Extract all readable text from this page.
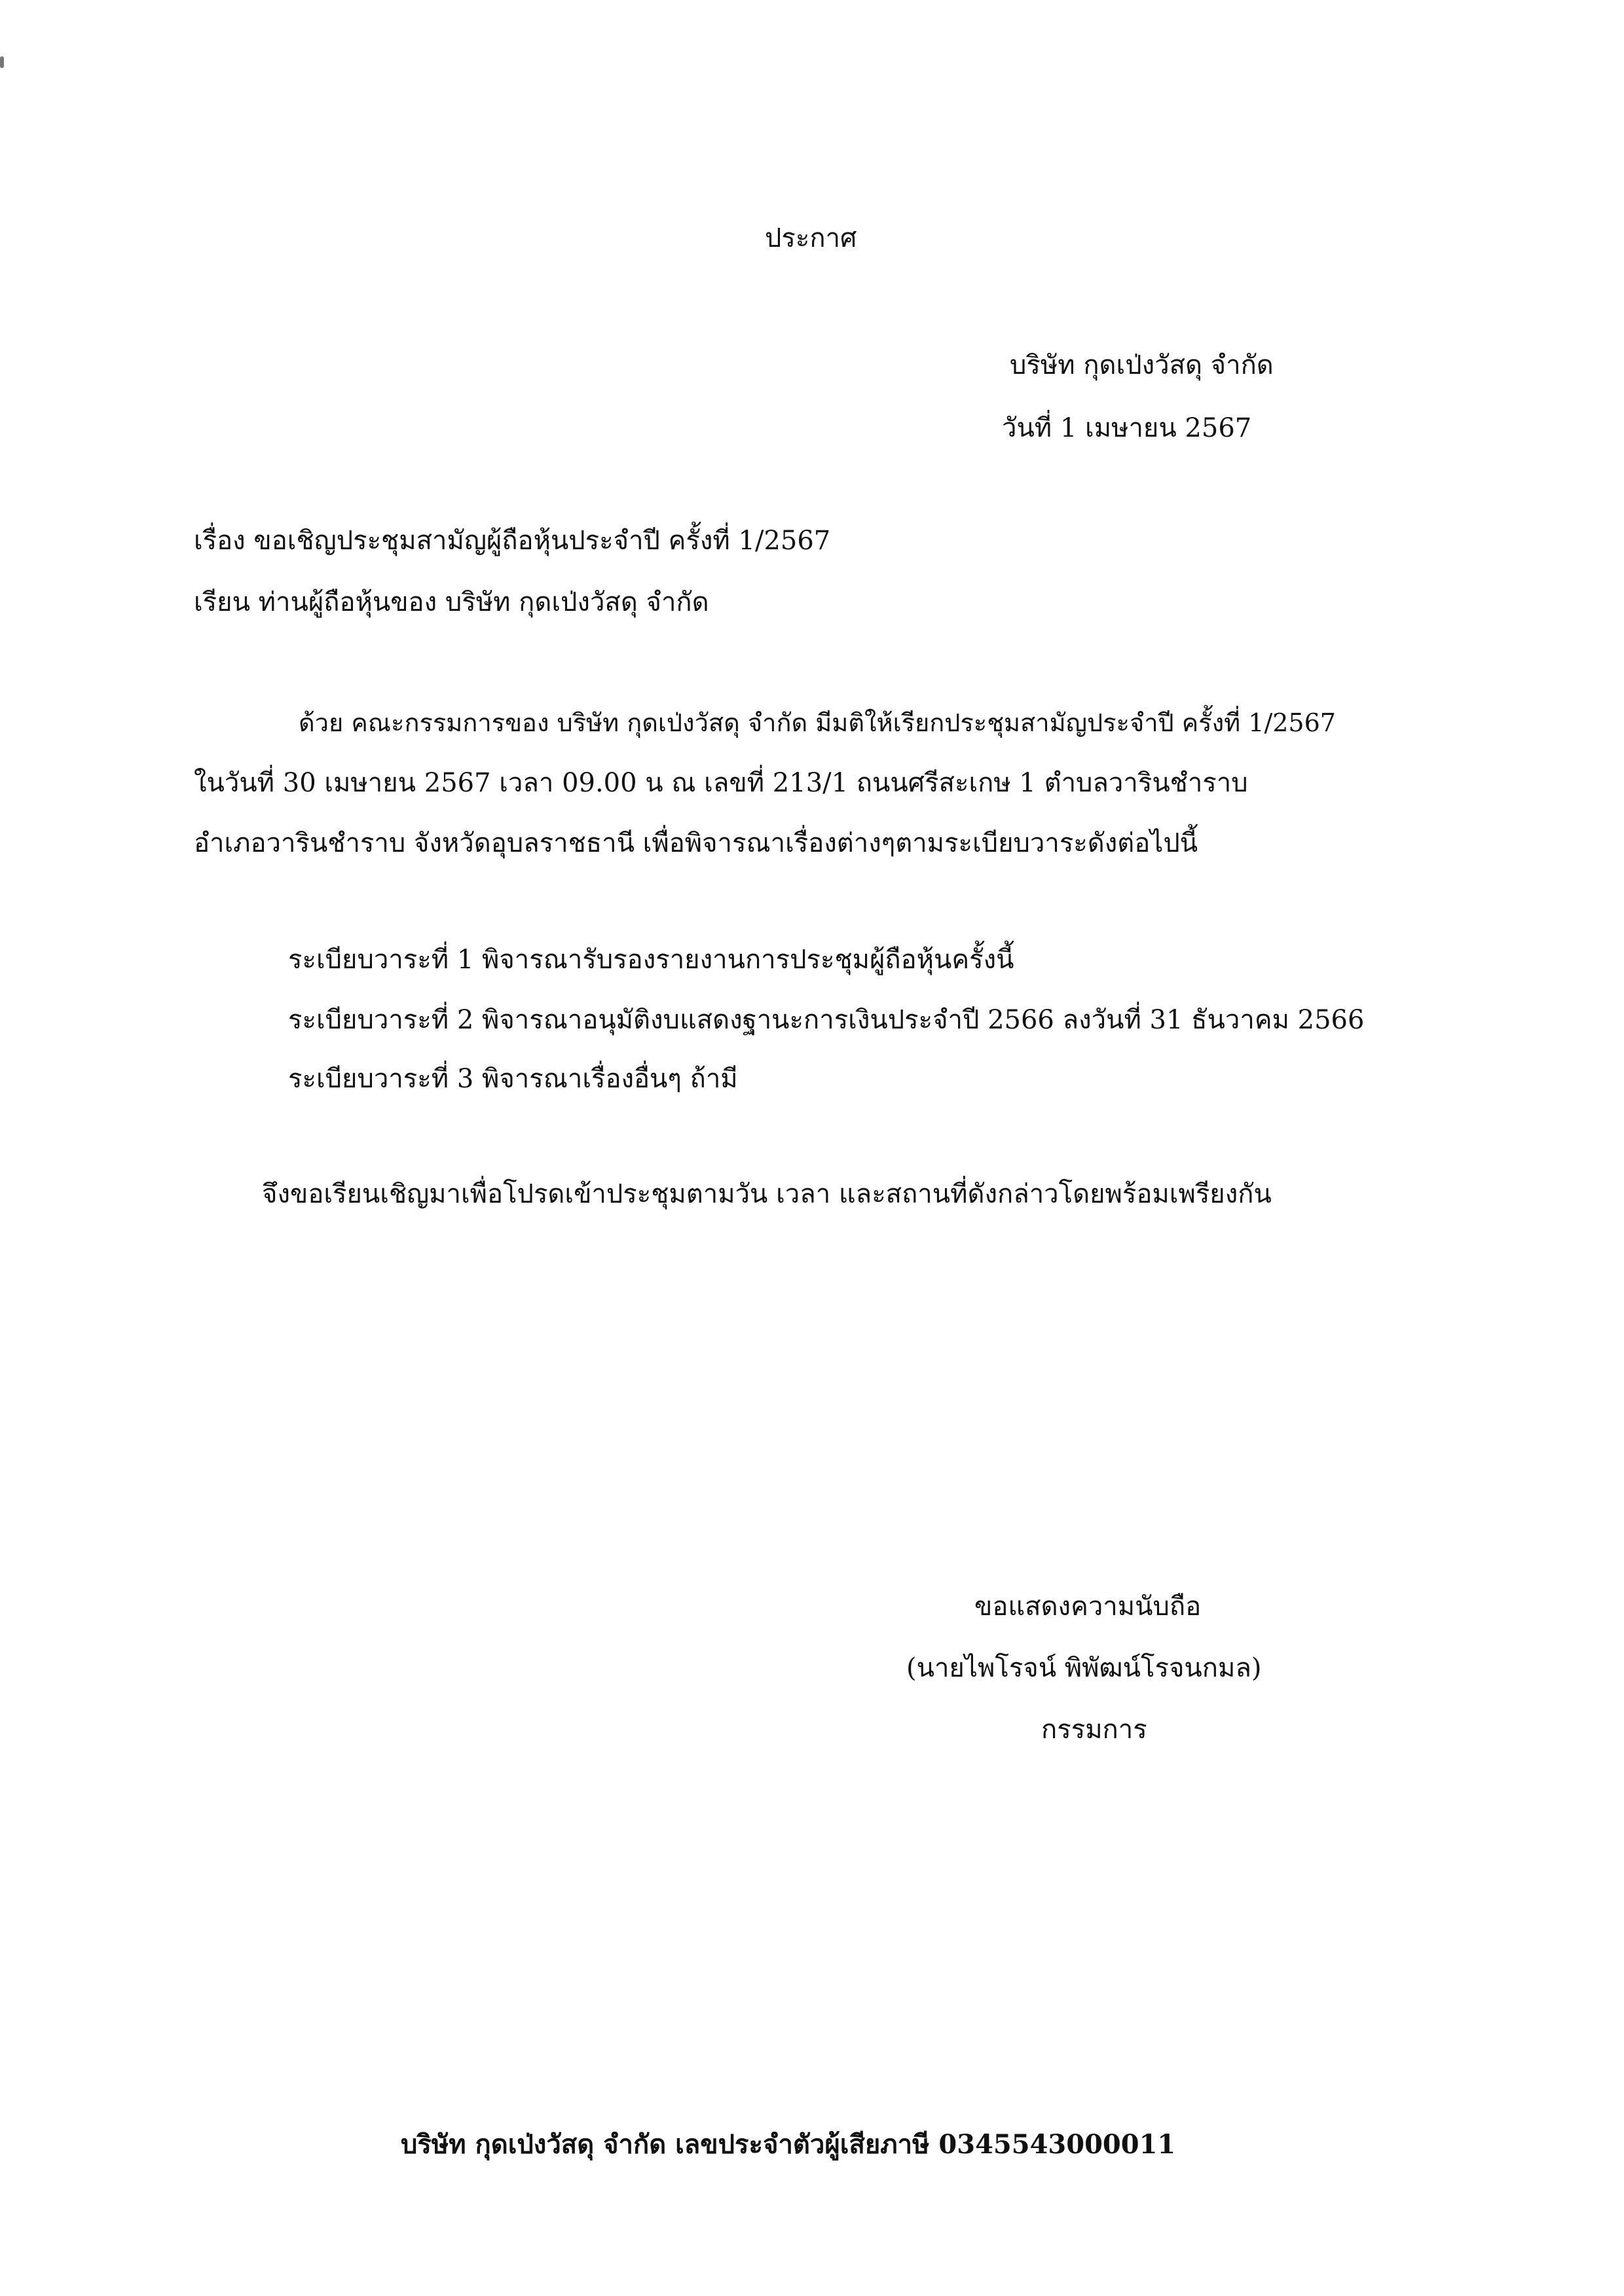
ประกาศ
บริษัท กุดเป่งวัสดุ จำกัด
วันที่ 1 เมษายน 2567
เรื่อง ขอเชิญประชุมสามัญผู้ถือหุ้นประจำปี ครั้งที่ 1/2567
เรียน ท่านผู้ถือหุ้นของ บริษัท กุดเป่งวัสดุ จำกัด
ด้วย คณะกรรมการของ บริษัท กุดเป่งวัสดุ จำกัด มีมติให้เรียกประชุมสามัญประจำปี ครั้งที่ 1/2567
ในวันที่ 30 เมษายน 2567 เวลา 09.00 น ณ เลขที่ 213/1 ถนนศรีสะเกษ 1 ตำบลวารินชำราบ
อำเภอวารินชำราบ จังหวัดอุบลราชธานี เพื่อพิจารณาเรื่องต่างๆตามระเบียบวาระดังต่อไปนี้
ระเบียบวาระที่ 1 พิจารณารับรองรายงานการประชุมผู้ถือหุ้นครั้งนี้
ระเบียบวาระที่ 2 พิจารณาอนุมัติงบแสดงฐานะการเงินประจำปี 2566 ลงวันที่ 31 ธันวาคม 2566
ระเบียบวาระที่ 3 พิจารณาเรื่องอื่นๆ ถ้ามี
จึงขอเรียนเชิญมาเพื่อโปรดเข้าประชุมตามวัน เวลา และสถานที่ดังกล่าวโดยพร้อมเพรียงกัน
ขอแสดงความนับถือ
(นายไพโรจน์ พิพัฒน์โรจนกมล)
กรรมการ
บริษัท กุดเป่งวัสดุ จำกัด เลขประจำตัวผู้เสียภาษี 0345543000011
